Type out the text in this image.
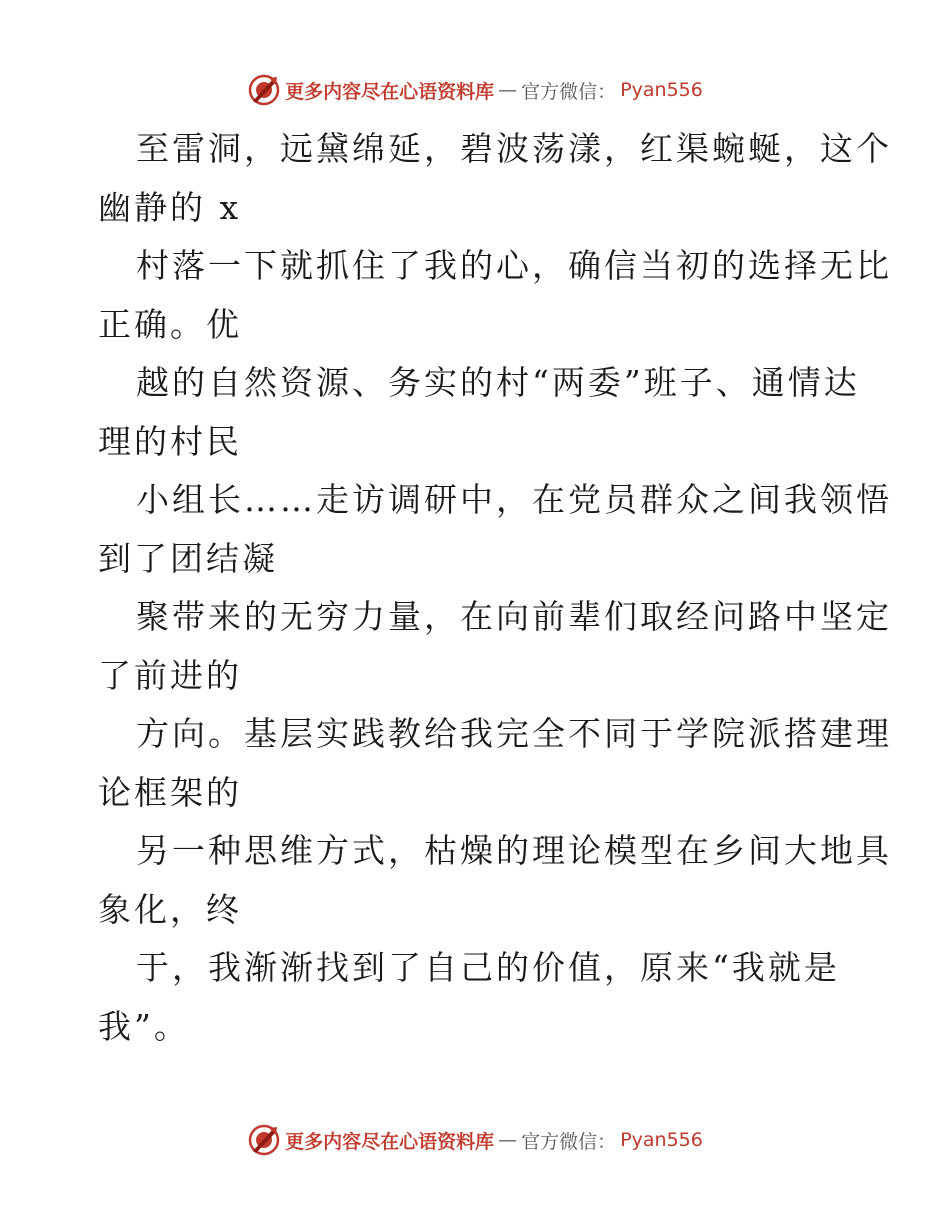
更多内容尽在心语资料库 — 官方微信： Pyan556
至雷洞，远黛绵延，碧波荡漾，红渠蜿蜒，这个
幽静的 x
村落一下就抓住了我的心，确信当初的选择无比
正确。优
越的自然资源、务实的村“两委”班子、通情达
理的村民
小组长……走访调研中，在党员群众之间我领悟
到了团结凝
聚带来的无穷力量，在向前辈们取经问路中坚定
了前进的
方向。基层实践教给我完全不同于学院派搭建理
论框架的
另一种思维方式，枯燥的理论模型在乡间大地具
象化，终
于，我渐渐找到了自己的价值，原来“我就是
我”。
更多内容尽在心语资料库 — 官方微信： Pyan556
